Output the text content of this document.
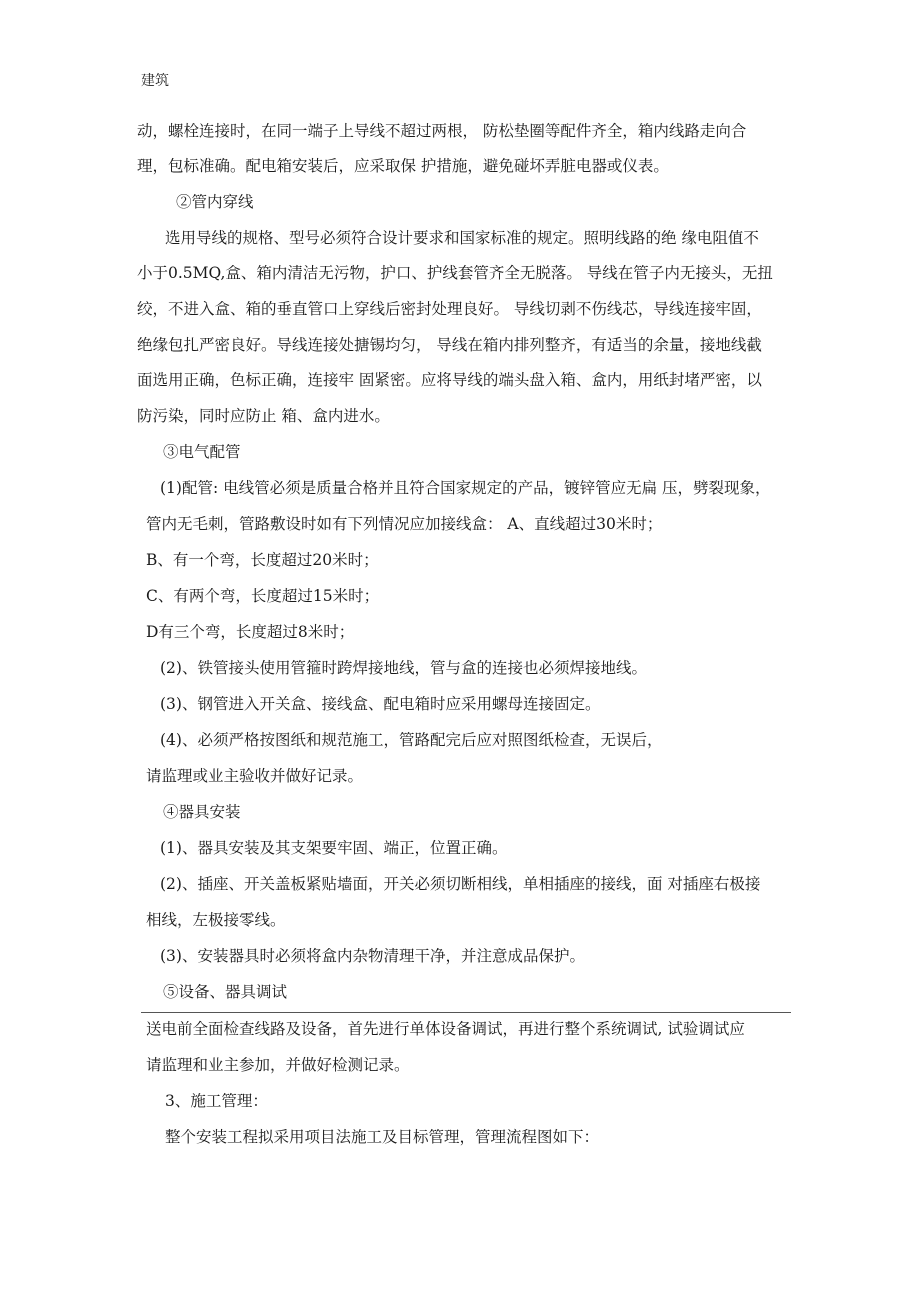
建筑
动，螺栓连接时，在同一端子上导线不超过两根， 防松垫圈等配件齐全，箱内线路走向合
理，包标准确。配电箱安装后，应采取保 护措施，避免碰坏弄脏电器或仪表。
②管内穿线
选用导线的规格、型号必须符合设计要求和国家标准的规定。照明线路的绝 缘电阻值不
小于0.5MQ,盒、箱内清洁无污物，护口、护线套管齐全无脱落。 导线在管子内无接头，无扭
绞，不进入盒、箱的垂直管口上穿线后密封处理良好。 导线切剥不伤线芯，导线连接牢固，
绝缘包扎严密良好。导线连接处搪锡均匀， 导线在箱内排列整齐，有适当的余量，接地线截
面选用正确，色标正确，连接牢 固紧密。应将导线的端头盘入箱、盒内，用纸封堵严密，以
防污染，同时应防止 箱、盒内进水。
③电气配管
(1)配管: 电线管必须是质量合格并且符合国家规定的产品，镀锌管应无扁 压，劈裂现象，
管内无毛刺，管路敷设时如有下列情况应加接线盒： A、直线超过30米时；
B、有一个弯，长度超过20米时；
C、有两个弯，长度超过15米时；
D有三个弯，长度超过8米时；
(2)、铁管接头使用管箍时跨焊接地线，管与盒的连接也必须焊接地线。
(3)、钢管进入开关盒、接线盒、配电箱时应采用螺母连接固定。
(4)、必须严格按图纸和规范施工，管路配完后应对照图纸检查，无误后，
请监理或业主验收并做好记录。
④器具安装
(1)、器具安装及其支架要牢固、端正，位置正确。
(2)、插座、开关盖板紧贴墙面，开关必须切断相线，单相插座的接线，面 对插座右极接
相线，左极接零线。
(3)、安装器具时必须将盒内杂物清理干净，并注意成品保护。
⑤设备、器具调试
送电前全面检查线路及设备，首先进行单体设备调试，再进行整个系统调试, 试验调试应
请监理和业主参加，并做好检测记录。
3、施工管理：
整个安装工程拟采用项目法施工及目标管理，管理流程图如下：
